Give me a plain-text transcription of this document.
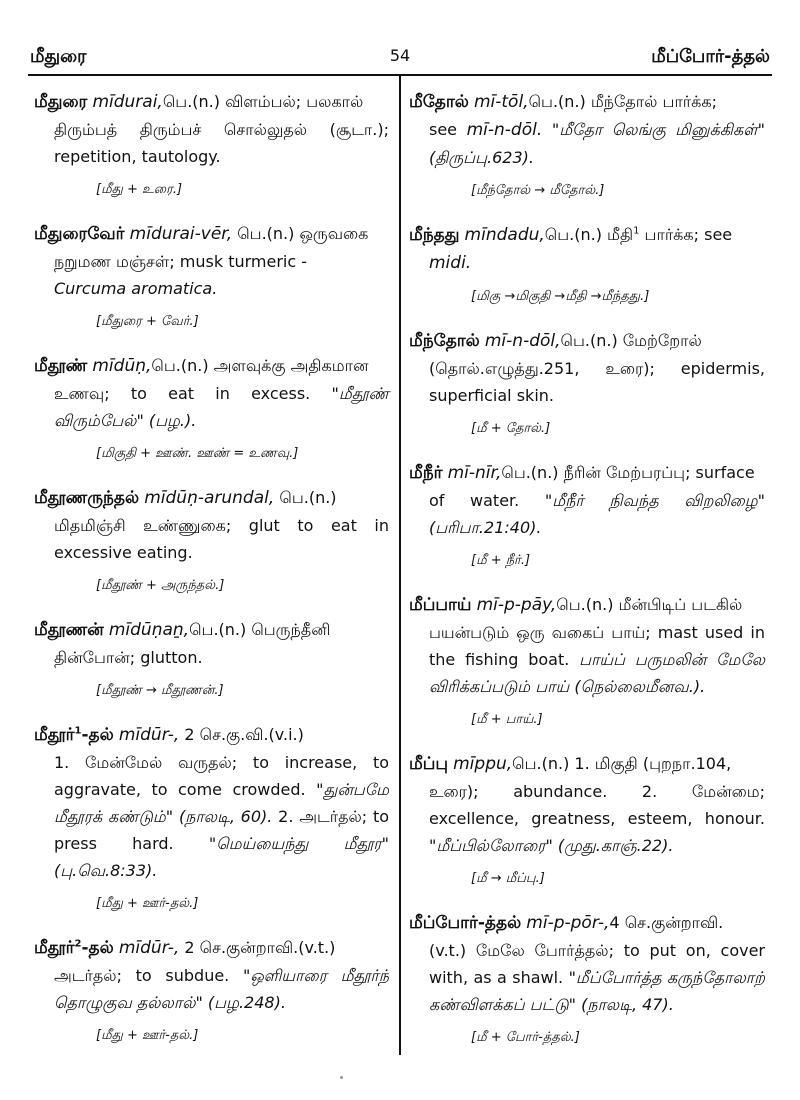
மீதுரை	54	மீப்போர்-த்தல்

மீதுரை mīdurai,பெ.(n.) விளம்பல்; பலகால்
திரும்பத் திரும்பச் சொல்லுதல் (சூடா.); repetition, tautology.

[மீது + உரை.]

மீதுரைவேர் mīdurai-vēr, பெ.(n.) ஒருவகை
நறுமண மஞ்சள்; musk turmeric -
Curcuma aromatica.

[மீதுரை + வேர்.]

மீதூண் mīdūṇ,பெ.(n.) அளவுக்கு அதிகமான
உணவு; to eat in excess. "மீதூண் விரும்பேல்" (பழ.).

[மிகுதி + ஊண். ஊண் = உணவு.]

மீதூணருந்தல் mīdūṇ-arundal, பெ.(n.)
மிதமிஞ்சி உண்ணுகை; glut to eat in excessive eating.

[மீதூண் + அருந்தல்.]

மீதூணன் mīdūṇaṉ,பெ.(n.) பெருந்தீனி
தின்போன்; glutton.

[மீதூண் → மீதூணன்.]

மீதூர்$^1$-தல் mīdūr-, 2 செ.கு.வி.(v.i.)
1. மேன்மேல் வருதல்; to increase, to aggravate, to come crowded. "துன்பமே மீதூரக் கண்டும்" (நாலடி, 60). 2. அடர்தல்; to press hard. "மெய்யைந்து மீதூர" (பு.வெ.8:33).

[மீது + ஊர்-தல்.]

மீதூர்$^2$-தல் mīdūr-, 2 செ.குன்றாவி.(v.t.)
அடர்தல்; to subdue. "ஒளியாரை மீதூர்ந் தொழுகுவ தல்லால்" (பழ.248).

[மீது + ஊர்-தல்.]

மீதோல் mī-tōl,பெ.(n.) மீந்தோல் பார்க்க;
see mī-n-dōl. "மீதோ லெங்கு மினுக்கிகள்" (திருப்பு.623).

[மீந்தோல் → மீதோல்.]

மீந்தது mīndadu,பெ.(n.) மீதி$^1$ பார்க்க; see
midi.

[மிகு →மிகுதி →மீதி →மீந்தது.]

மீந்தோல் mī-n-dōl,பெ.(n.) மேற்றோல்
(தொல்.எழுத்து.251, உரை); epidermis, superficial skin.

[மீ + தோல்.]

மீநீர் mī-nīr,பெ.(n.) நீரின் மேற்பரப்பு; surface
of water. "மீநீர் நிவந்த விறலிழை" (பரிபா.21:40).

[மீ + நீர்.]

மீப்பாய் mī-p-pāy,பெ.(n.) மீன்பிடிப் படகில்
பயன்படும் ஒரு வகைப் பாய்; mast used in the fishing boat. பாய்ப் பருமலின் மேலே விரிக்கப்படும் பாய் (நெல்லைமீனவ.).

[மீ + பாய்.]

மீப்பு mīppu,பெ.(n.) 1. மிகுதி (புறநா.104,
உரை); abundance. 2. மேன்மை; excellence, greatness, esteem, honour. "மீப்பில்லோரை" (முது.காஞ்.22).

[மீ → மீப்பு.]

மீப்போர்-த்தல் mī-p-pōr-,4 செ.குன்றாவி.
(v.t.) மேலே போர்த்தல்; to put on, cover with, as a shawl. "மீப்போர்த்த கருந்தோலாற் கண்விளக்கப் பட்டு" (நாலடி, 47).

[மீ + போர்-த்தல்.]
